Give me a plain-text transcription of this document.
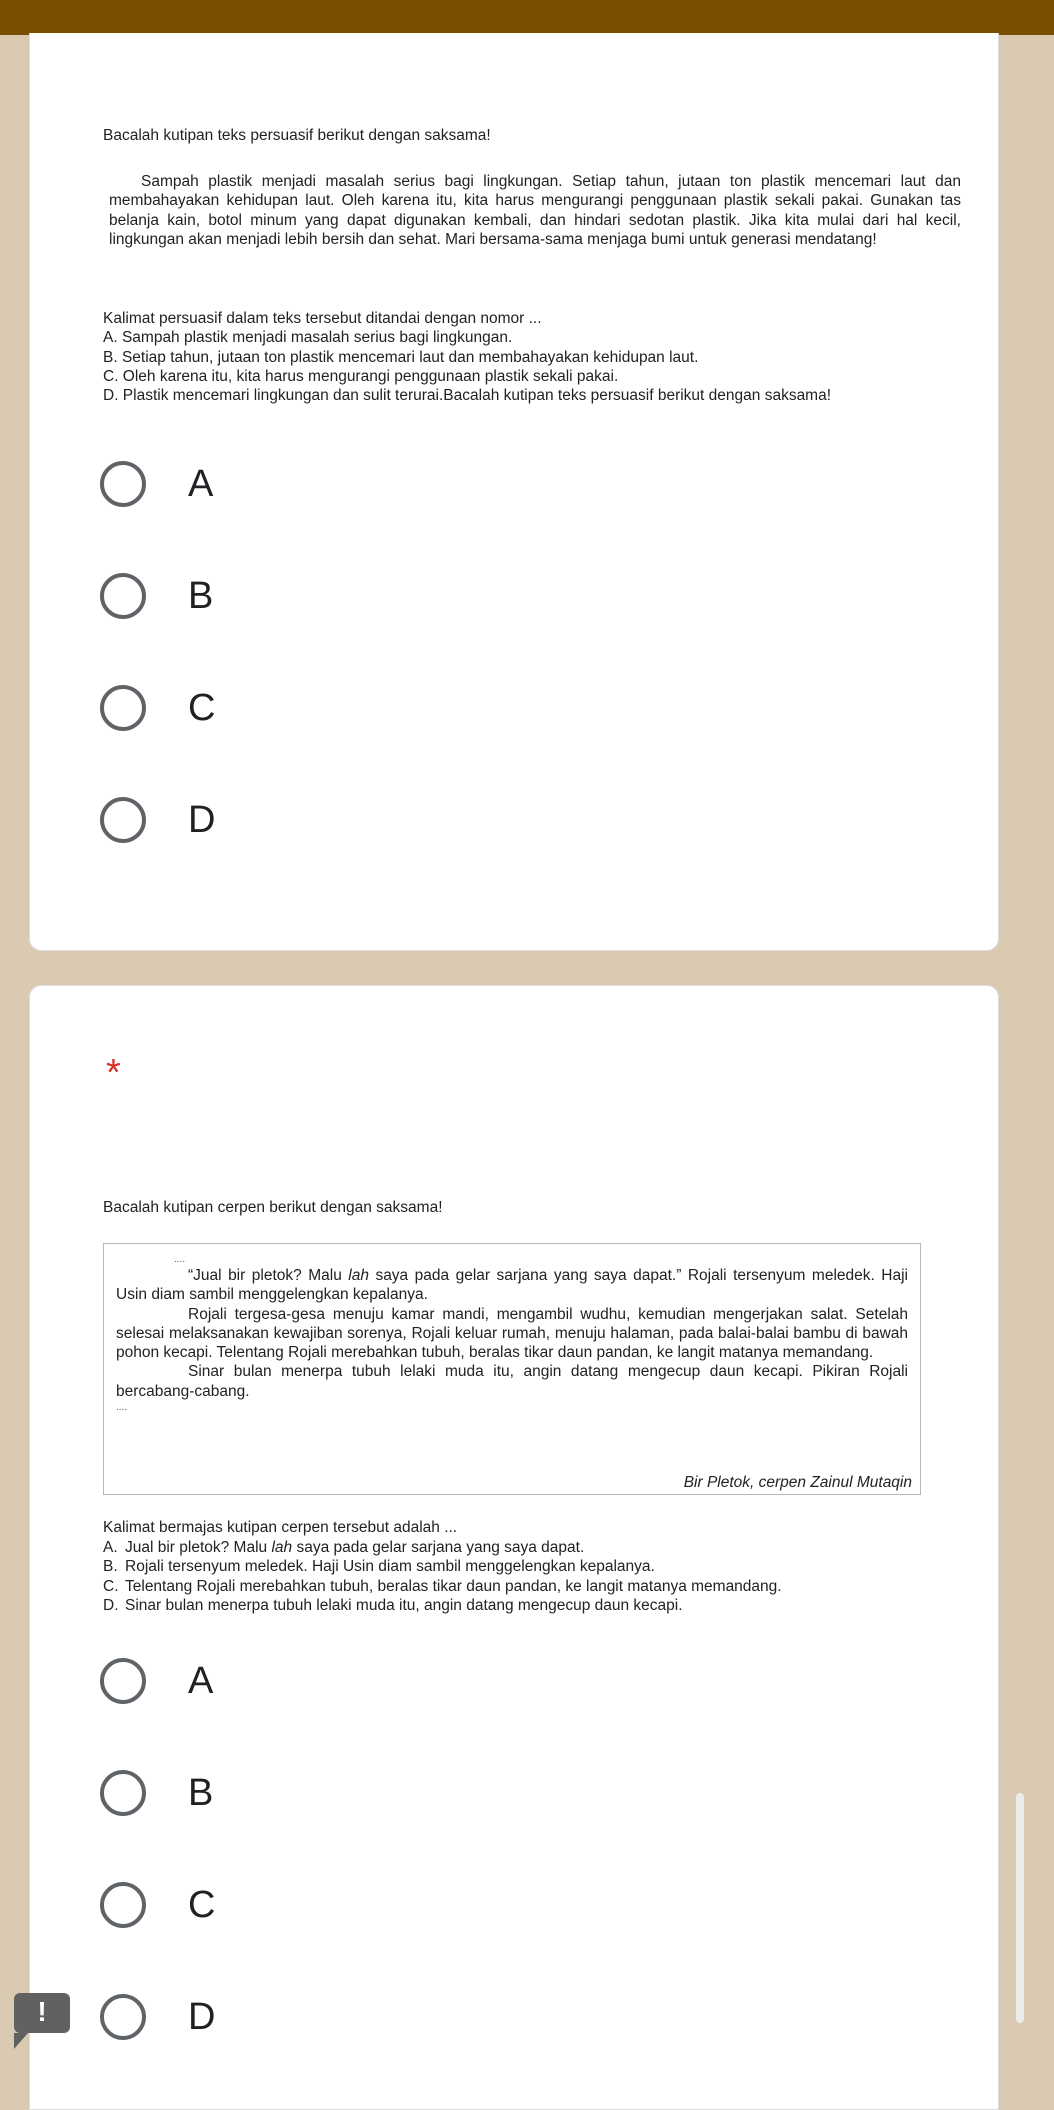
Bacalah kutipan teks persuasif berikut dengan saksama!

Sampah plastik menjadi masalah serius bagi lingkungan. Setiap tahun, jutaan ton plastik mencemari laut dan membahayakan kehidupan laut. Oleh karena itu, kita harus mengurangi penggunaan plastik sekali pakai. Gunakan tas belanja kain, botol minum yang dapat digunakan kembali, dan hindari sedotan plastik. Jika kita mulai dari hal kecil, lingkungan akan menjadi lebih bersih dan sehat. Mari bersama-sama menjaga bumi untuk generasi mendatang!

Kalimat persuasif dalam teks tersebut ditandai dengan nomor ...
A. Sampah plastik menjadi masalah serius bagi lingkungan.
B. Setiap tahun, jutaan ton plastik mencemari laut dan membahayakan kehidupan laut.
C. Oleh karena itu, kita harus mengurangi penggunaan plastik sekali pakai.
D. Plastik mencemari lingkungan dan sulit terurai.Bacalah kutipan teks persuasif berikut dengan saksama!
A
B
C
D
*
Bacalah kutipan cerpen berikut dengan saksama!
....
“Jual bir pletok? Malu lah saya pada gelar sarjana yang saya dapat.” Rojali tersenyum meledek. Haji Usin diam sambil menggelengkan kepalanya.
Rojali tergesa-gesa menuju kamar mandi, mengambil wudhu, kemudian mengerjakan salat. Setelah selesai melaksanakan kewajiban sorenya, Rojali keluar rumah, menuju halaman, pada balai-balai bambu di bawah pohon kecapi. Telentang Rojali merebahkan tubuh, beralas tikar daun pandan, ke langit matanya memandang.
Sinar bulan menerpa tubuh lelaki muda itu, angin datang mengecup daun kecapi. Pikiran Rojali bercabang-cabang.
....
Bir Pletok, cerpen Zainul Mutaqin
Kalimat bermajas kutipan cerpen tersebut adalah ...
A. Jual bir pletok? Malu lah saya pada gelar sarjana yang saya dapat.
B. Rojali tersenyum meledek. Haji Usin diam sambil menggelengkan kepalanya.
C. Telentang Rojali merebahkan tubuh, beralas tikar daun pandan, ke langit matanya memandang.
D. Sinar bulan menerpa tubuh lelaki muda itu, angin datang mengecup daun kecapi.
A
B
C
D
!
